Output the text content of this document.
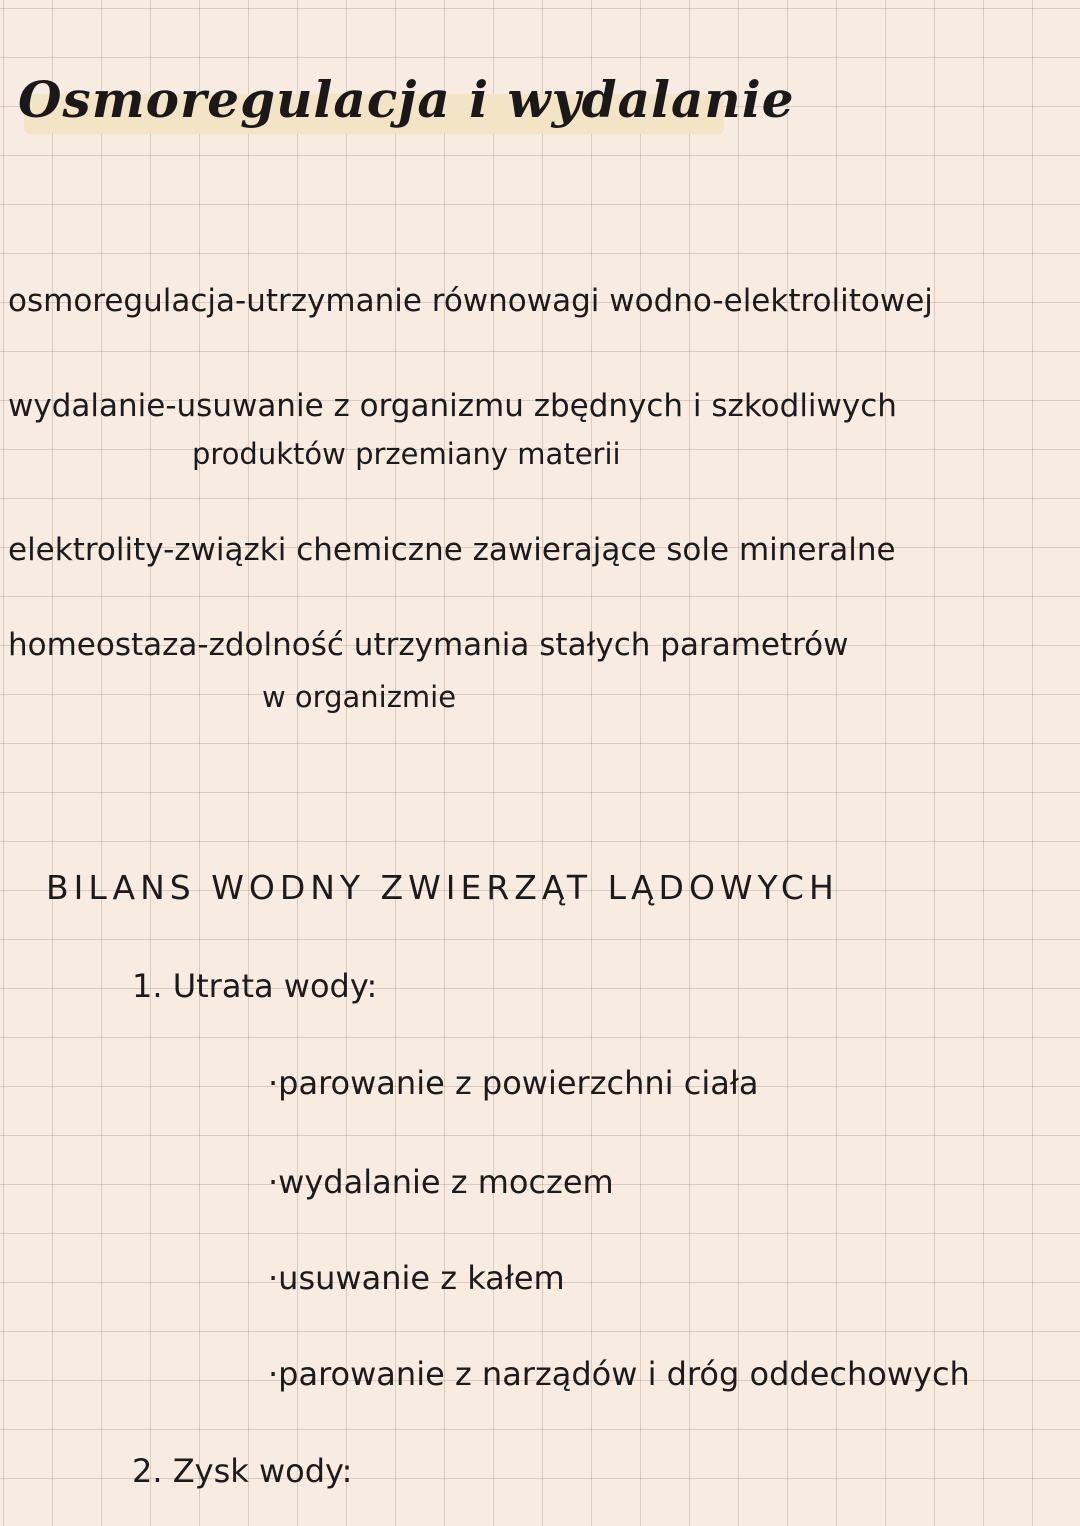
Osmoregulacja i wydalanie
osmoregulacja-utrzymanie równowagi wodno-elektrolitowej
wydalanie-usuwanie z organizmu zbędnych i szkodliwych
produktów przemiany materii
elektrolity-związki chemiczne zawierające sole mineralne
homeostaza-zdolność utrzymania stałych parametrów
w organizmie
BILANS WODNY ZWIERZĄT LĄDOWYCH
1. Utrata wody:
·parowanie z powierzchni ciała
·wydalanie z moczem
·usuwanie z kałem
·parowanie z narządów i dróg oddechowych
2. Zysk wody:
